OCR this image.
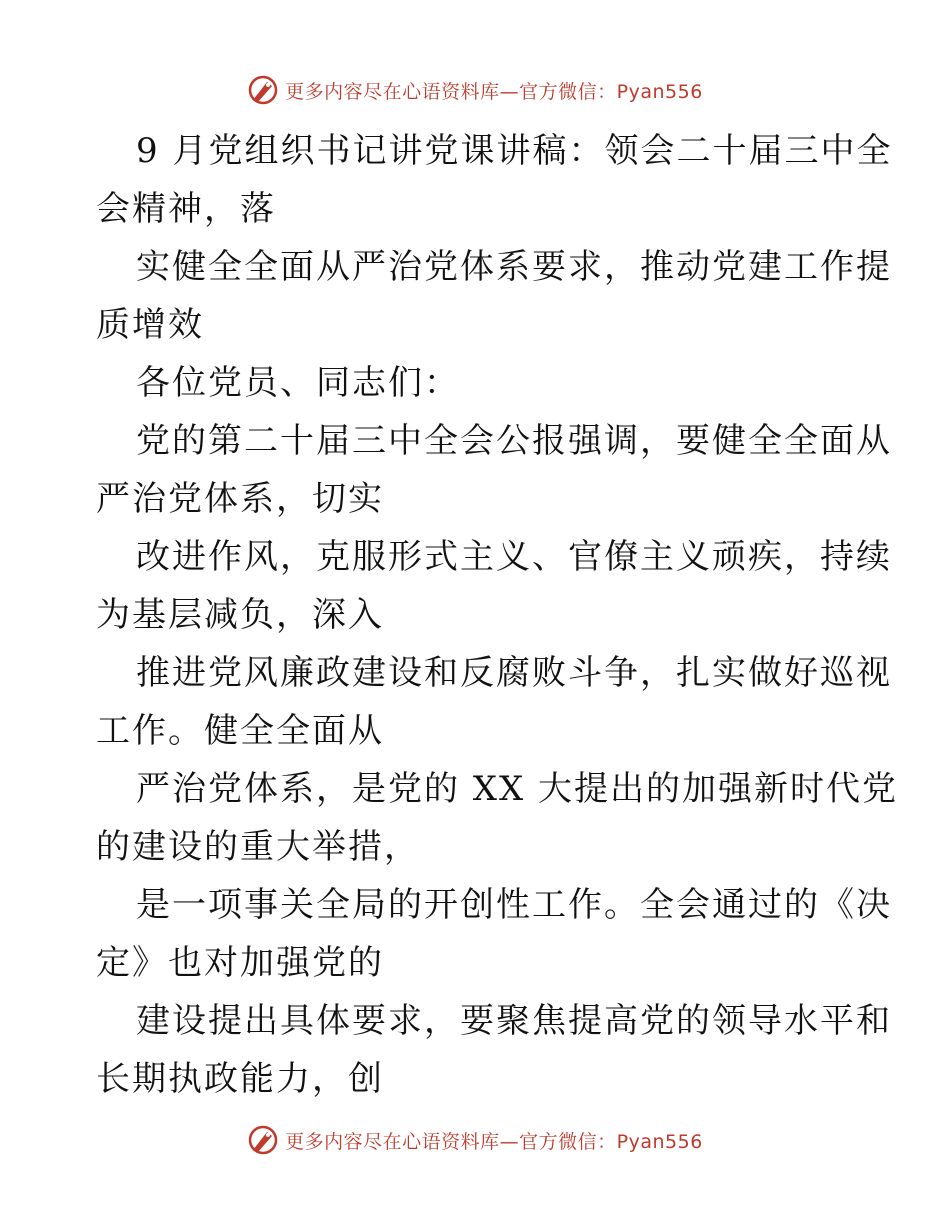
更多内容尽在心语资料库—官方微信：Pyan556
9 月党组织书记讲党课讲稿：领会二十届三中全
会精神，落
实健全全面从严治党体系要求，推动党建工作提
质增效
各位党员、同志们：
党的第二十届三中全会公报强调，要健全全面从
严治党体系，切实
改进作风，克服形式主义、官僚主义顽疾，持续
为基层减负，深入
推进党风廉政建设和反腐败斗争，扎实做好巡视
工作。健全全面从
严治党体系，是党的 XX 大提出的加强新时代党
的建设的重大举措，
是一项事关全局的开创性工作。全会通过的《决
定》也对加强党的
建设提出具体要求，要聚焦提高党的领导水平和
长期执政能力，创
更多内容尽在心语资料库—官方微信：Pyan556
